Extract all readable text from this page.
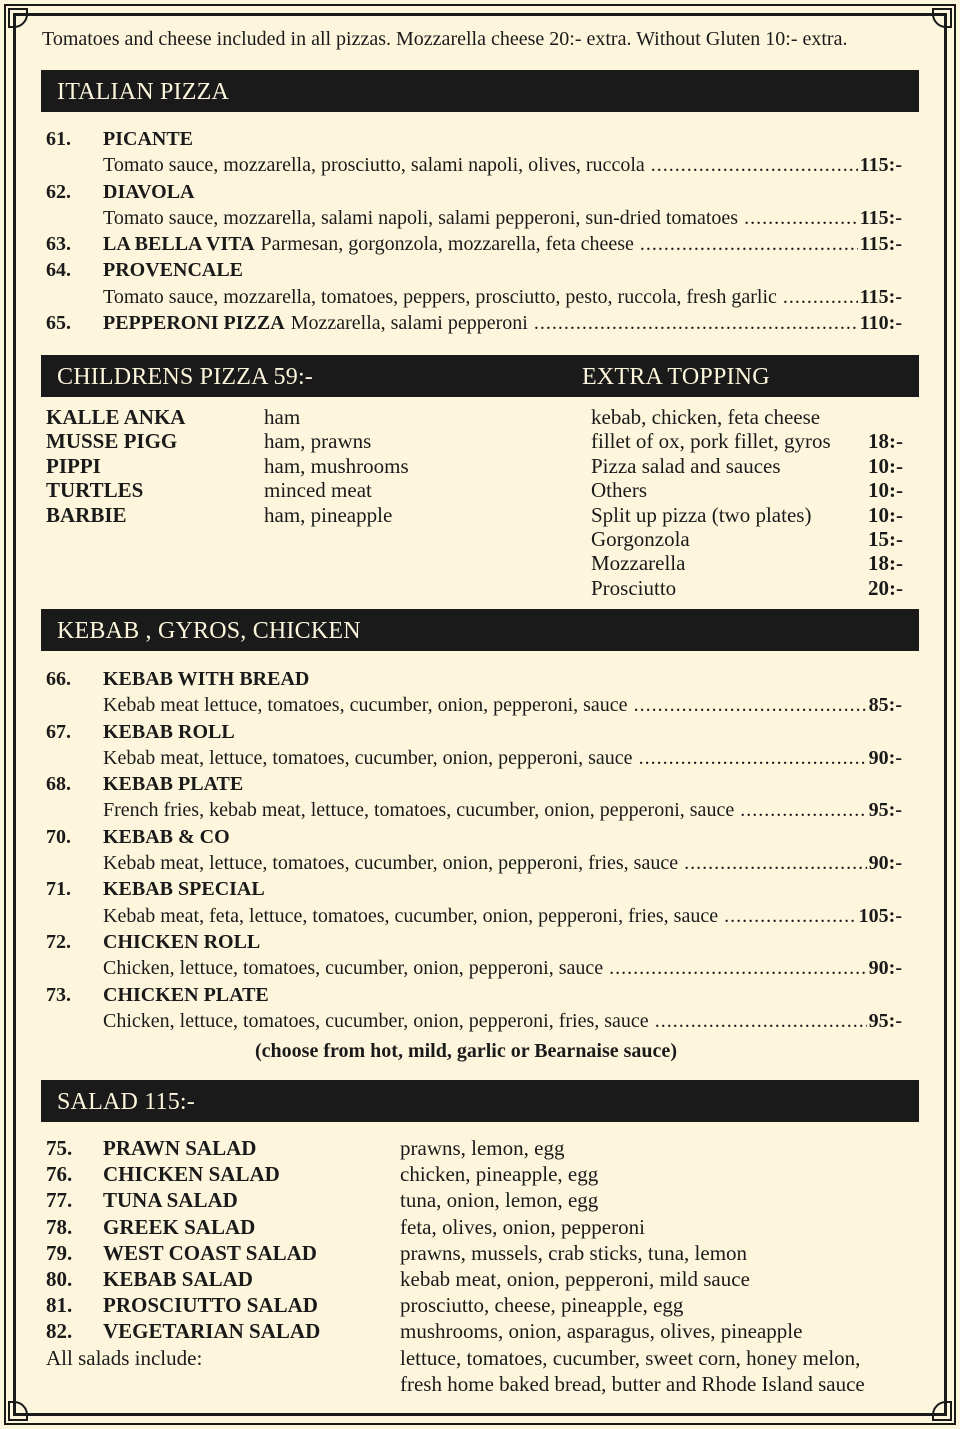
Tomatoes and cheese included in all pizzas. Mozzarella cheese 20:- extra. Without Gluten 10:- extra.
ITALIAN PIZZA
61. PICANTE
Tomato sauce, mozzarella, prosciutto, salami napoli, olives, ruccola .....	115:-
62. DIAVOLA
Tomato sauce, mozzarella, salami napoli, salami pepperoni, sun-dried tomatoes .....	115:-
63. LA BELLA VITA Parmesan, gorgonzola, mozzarella, feta cheese .....	115:-
64. PROVENCALE
Tomato sauce, mozzarella, tomatoes, peppers, prosciutto, pesto, ruccola, fresh garlic .....	115:-
65. PEPPERONI PIZZA Mozzarella, salami pepperoni .....	110:-
CHILDRENS PIZZA 59:-	EXTRA TOPPING
KALLE ANKA	ham
MUSSE PIGG	ham, prawns
PIPPI	ham, mushrooms
TURTLES	minced meat
BARBIE	ham, pineapple
kebab, chicken, feta cheese
fillet of ox, pork fillet, gyros 18:-
Pizza salad and sauces	10:-
Others	10:-
Split up pizza (two plates)	10:-
Gorgonzola	15:-
Mozzarella	18:-
Prosciutto	20:-
KEBAB , GYROS, CHICKEN
66. KEBAB WITH BREAD
Kebab meat lettuce, tomatoes, cucumber, onion, pepperoni, sauce .....	85:-
67. KEBAB ROLL
Kebab meat, lettuce, tomatoes, cucumber, onion, pepperoni, sauce .....	90:-
68. KEBAB PLATE
French fries, kebab meat, lettuce, tomatoes, cucumber, onion, pepperoni, sauce .....	95:-
70. KEBAB & CO
Kebab meat, lettuce, tomatoes, cucumber, onion, pepperoni, fries, sauce .....	90:-
71. KEBAB SPECIAL
Kebab meat, feta, lettuce, tomatoes, cucumber, onion, pepperoni, fries, sauce .....	105:-
72. CHICKEN ROLL
Chicken, lettuce, tomatoes, cucumber, onion, pepperoni, sauce .....	90:-
73. CHICKEN PLATE
Chicken, lettuce, tomatoes, cucumber, onion, pepperoni, fries, sauce .....	95:-
(choose from hot, mild, garlic or Bearnaise sauce)
SALAD 115:-
75. PRAWN SALAD	prawns, lemon, egg
76. CHICKEN SALAD	chicken, pineapple, egg
77. TUNA SALAD	tuna, onion, lemon, egg
78. GREEK SALAD	feta, olives, onion, pepperoni
79. WEST COAST SALAD	prawns, mussels, crab sticks, tuna, lemon
80. KEBAB SALAD	kebab meat, onion, pepperoni, mild sauce
81. PROSCIUTTO SALAD	prosciutto, cheese, pineapple, egg
82. VEGETARIAN SALAD	mushrooms, onion, asparagus, olives, pineapple
All salads include:	lettuce, tomatoes, cucumber, sweet corn, honey melon,
fresh home baked bread, butter and Rhode Island sauce
